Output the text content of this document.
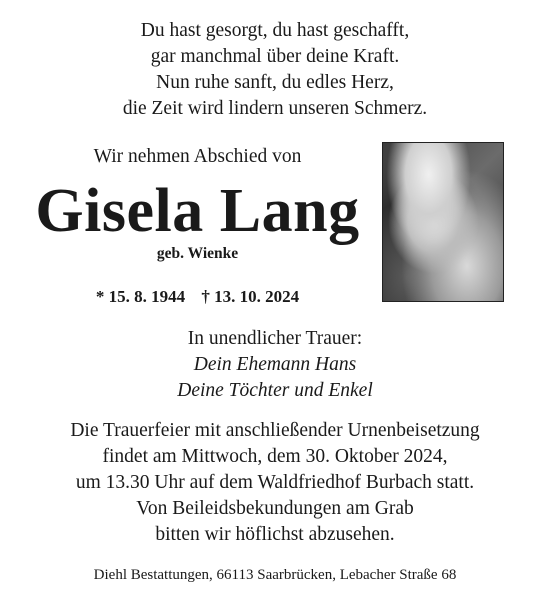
Du hast gesorgt, du hast geschafft,
gar manchmal über deine Kraft.
Nun ruhe sanft, du edles Herz,
die Zeit wird lindern unseren Schmerz.
Wir nehmen Abschied von
Gisela Lang
geb. Wienke
* 15. 8. 1944 † 13. 10. 2024
In unendlicher Trauer:
Dein Ehemann Hans
Deine Töchter und Enkel
Die Trauerfeier mit anschließender Urnenbeisetzung
findet am Mittwoch, dem 30. Oktober 2024,
um 13.30 Uhr auf dem Waldfriedhof Burbach statt.
Von Beileidsbekundungen am Grab
bitten wir höflichst abzusehen.
Diehl Bestattungen, 66113 Saarbrücken, Lebacher Straße 68
